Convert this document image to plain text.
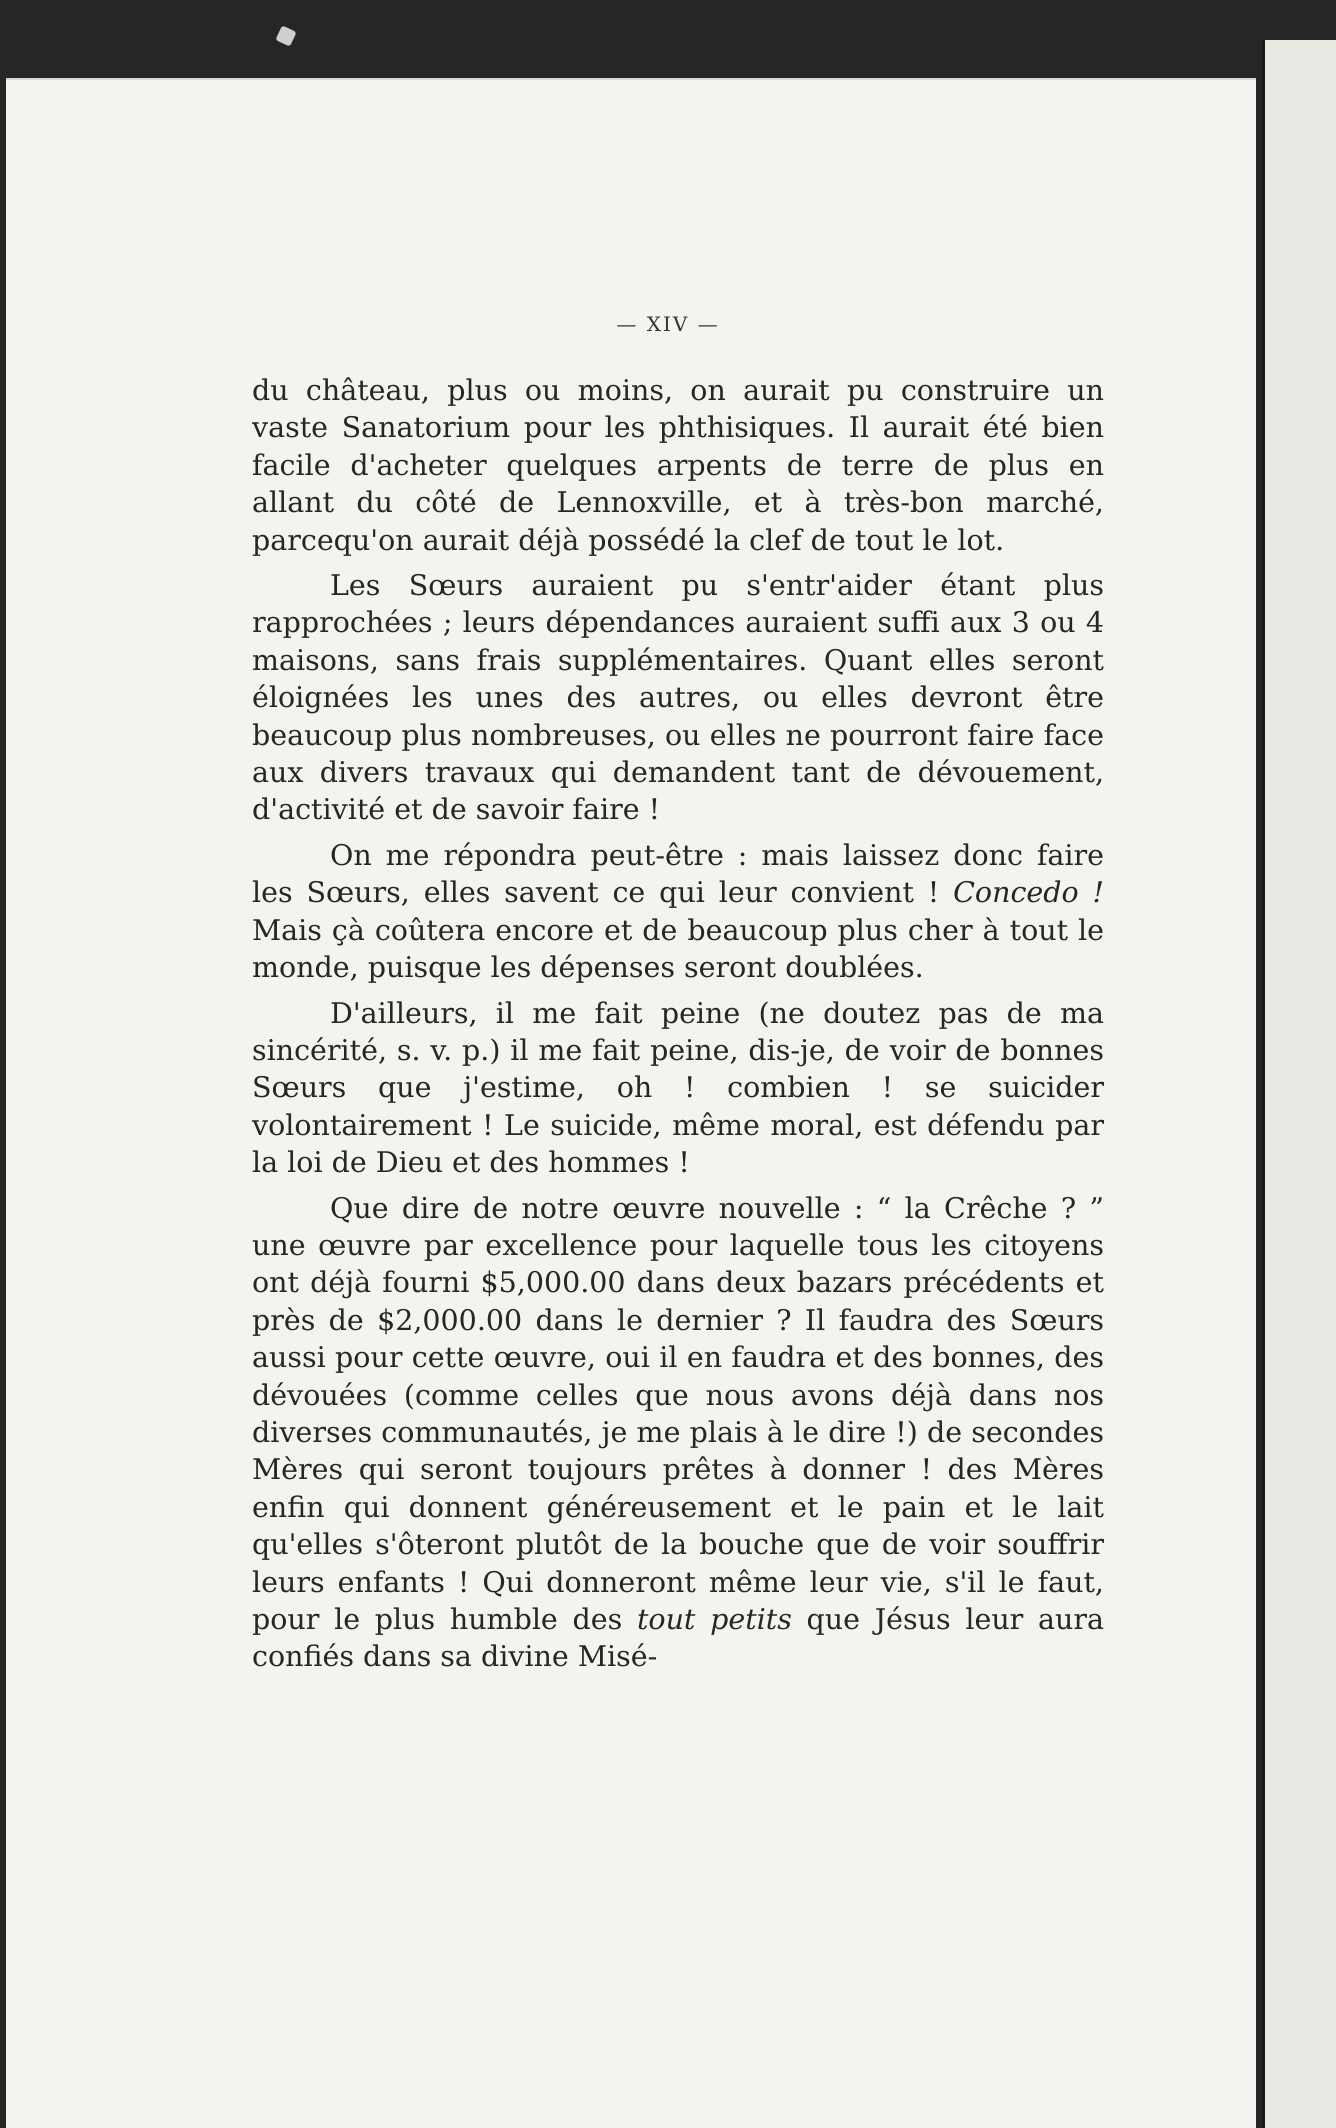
— XIV —

du château, plus ou moins, on aurait pu construire un vaste Sanatorium pour les phthisiques. Il aurait été bien facile d'acheter quelques arpents de terre de plus en allant du côté de Lennoxville, et à très-bon marché, parcequ'on aurait déjà possédé la clef de tout le lot.

Les Sœurs auraient pu s'entr'aider étant plus rapprochées ; leurs dépendances auraient suffi aux 3 ou 4 maisons, sans frais supplémentaires. Quant elles seront éloignées les unes des autres, ou elles devront être beaucoup plus nombreuses, ou elles ne pourront faire face aux divers travaux qui demandent tant de dévouement, d'activité et de savoir faire !

On me répondra peut-être : mais laissez donc faire les Sœurs, elles savent ce qui leur convient ! Concedo ! Mais çà coûtera encore et de beaucoup plus cher à tout le monde, puisque les dépenses seront doublées.

D'ailleurs, il me fait peine (ne doutez pas de ma sincérité, s. v. p.) il me fait peine, dis-je, de voir de bonnes Sœurs que j'estime, oh ! combien ! se suicider volontairement ! Le suicide, même moral, est défendu par la loi de Dieu et des hommes !

Que dire de notre œuvre nouvelle : “ la Crêche ? ” une œuvre par excellence pour laquelle tous les citoyens ont déjà fourni $5,000.00 dans deux bazars précédents et près de $2,000.00 dans le dernier ? Il faudra des Sœurs aussi pour cette œuvre, oui il en faudra et des bonnes, des dévouées (comme celles que nous avons déjà dans nos diverses communautés, je me plais à le dire !) de secondes Mères qui seront toujours prêtes à donner ! des Mères enfin qui donnent généreusement et le pain et le lait qu'elles s'ôteront plutôt de la bouche que de voir souffrir leurs enfants ! Qui donneront même leur vie, s'il le faut, pour le plus humble des tout petits que Jésus leur aura confiés dans sa divine Misé-
